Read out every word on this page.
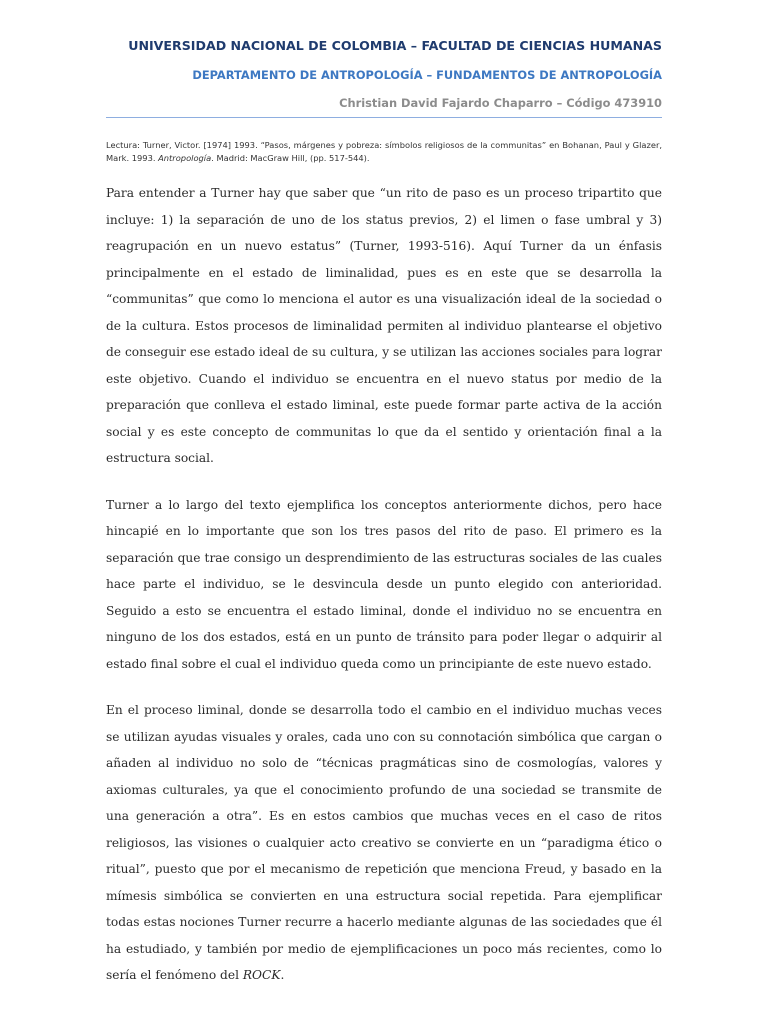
UNIVERSIDAD NACIONAL DE COLOMBIA – FACULTAD DE CIENCIAS HUMANAS
DEPARTAMENTO DE ANTROPOLOGÍA – FUNDAMENTOS DE ANTROPOLOGÍA
Christian David Fajardo Chaparro – Código 473910
Lectura: Turner, Victor. [1974] 1993. “Pasos, márgenes y pobreza: símbolos religiosos de la communitas” en Bohanan, Paul y Glazer, Mark. 1993. Antropología. Madrid: MacGraw Hill, (pp. 517-544).

Para entender a Turner hay que saber que “un rito de paso es un proceso tripartito que incluye: 1) la separación de uno de los status previos, 2) el limen o fase umbral y 3) reagrupación en un nuevo estatus” (Turner, 1993-516). Aquí Turner da un énfasis principalmente en el estado de liminalidad, pues es en este que se desarrolla la “communitas” que como lo menciona el autor es una visualización ideal de la sociedad o de la cultura. Estos procesos de liminalidad permiten al individuo plantearse el objetivo de conseguir ese estado ideal de su cultura, y se utilizan las acciones sociales para lograr este objetivo. Cuando el individuo se encuentra en el nuevo status por medio de la preparación que conlleva el estado liminal, este puede formar parte activa de la acción social y es este concepto de communitas lo que da el sentido y orientación final a la estructura social.

Turner a lo largo del texto ejemplifica los conceptos anteriormente dichos, pero hace hincapié en lo importante que son los tres pasos del rito de paso. El primero es la separación que trae consigo un desprendimiento de las estructuras sociales de las cuales hace parte el individuo, se le desvincula desde un punto elegido con anterioridad. Seguido a esto se encuentra el estado liminal, donde el individuo no se encuentra en ninguno de los dos estados, está en un punto de tránsito para poder llegar o adquirir al estado final sobre el cual el individuo queda como un principiante de este nuevo estado.

En el proceso liminal, donde se desarrolla todo el cambio en el individuo muchas veces se utilizan ayudas visuales y orales, cada uno con su connotación simbólica que cargan o añaden al individuo no solo de “técnicas pragmáticas sino de cosmologías, valores y axiomas culturales, ya que el conocimiento profundo de una sociedad se transmite de una generación a otra”. Es en estos cambios que muchas veces en el caso de ritos religiosos, las visiones o cualquier acto creativo se convierte en un “paradigma ético o ritual”, puesto que por el mecanismo de repetición que menciona Freud, y basado en la mímesis simbólica se convierten en una estructura social repetida. Para ejemplificar todas estas nociones Turner recurre a hacerlo mediante algunas de las sociedades que él ha estudiado, y también por medio de ejemplificaciones un poco más recientes, como lo sería el fenómeno del ROCK.
